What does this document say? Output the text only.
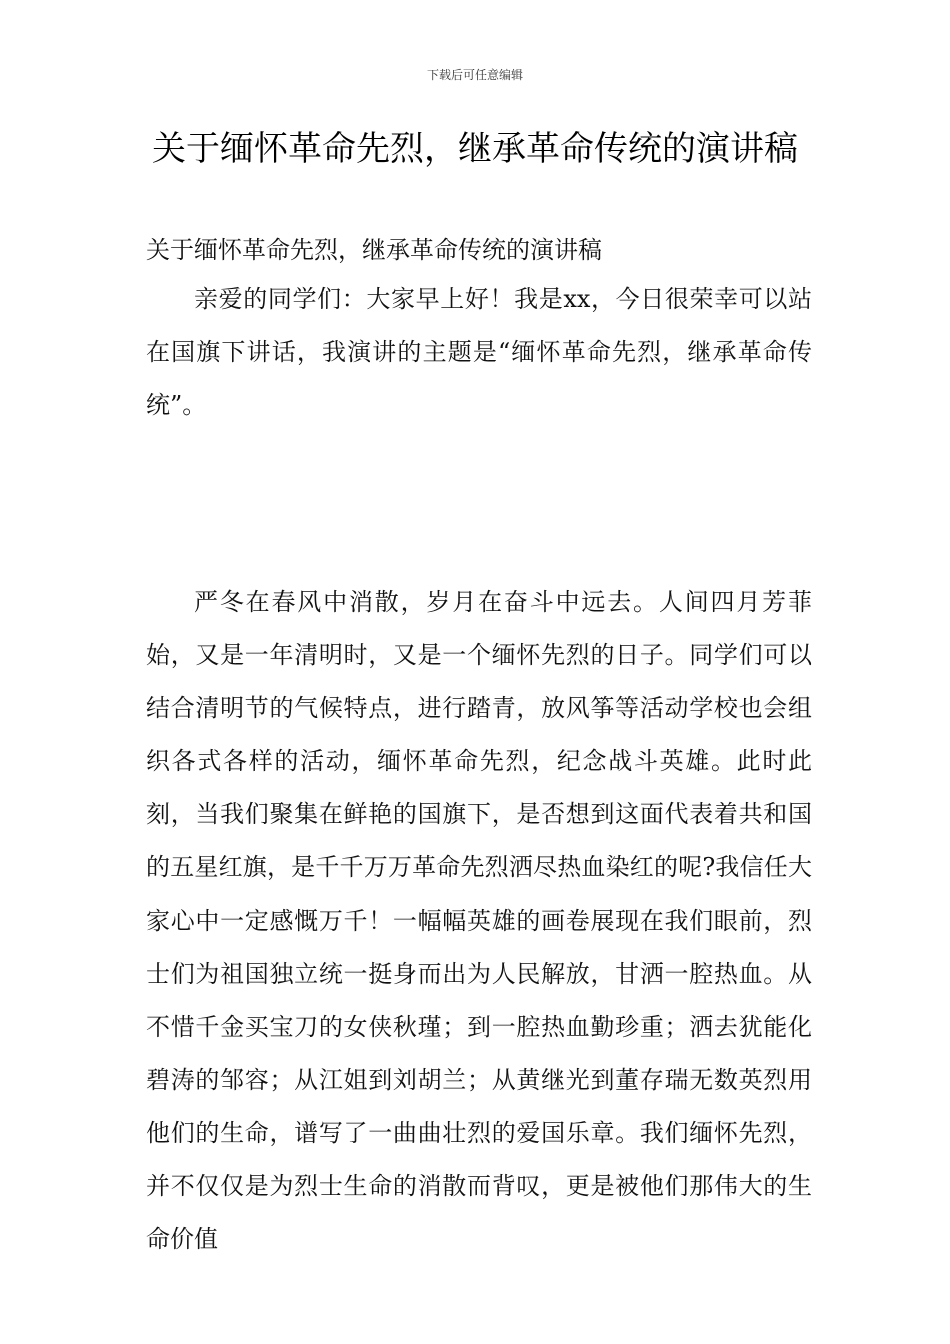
下载后可任意编辑
关于缅怀革命先烈，继承革命传统的演讲稿

关于缅怀革命先烈，继承革命传统的演讲稿

亲爱的同学们：大家早上好！我是xx，今日很荣幸可以站在国旗下讲话，我演讲的主题是“缅怀革命先烈，继承革命传统”。

严冬在春风中消散，岁月在奋斗中远去。人间四月芳菲始，又是一年清明时，又是一个缅怀先烈的日子。同学们可以结合清明节的气候特点，进行踏青，放风筝等活动学校也会组织各式各样的活动，缅怀革命先烈，纪念战斗英雄。此时此刻，当我们聚集在鲜艳的国旗下，是否想到这面代表着共和国的五星红旗，是千千万万革命先烈洒尽热血染红的呢?我信任大家心中一定感慨万千！一幅幅英雄的画卷展现在我们眼前，烈士们为祖国独立统一挺身而出为人民解放，甘洒一腔热血。从不惜千金买宝刀的女侠秋瑾；到一腔热血勤珍重；洒去犹能化碧涛的邹容；从江姐到刘胡兰；从黄继光到董存瑞无数英烈用他们的生命，谱写了一曲曲壮烈的爱国乐章。我们缅怀先烈，并不仅仅是为烈士生命的消散而背叹，更是被他们那伟大的生命价值
